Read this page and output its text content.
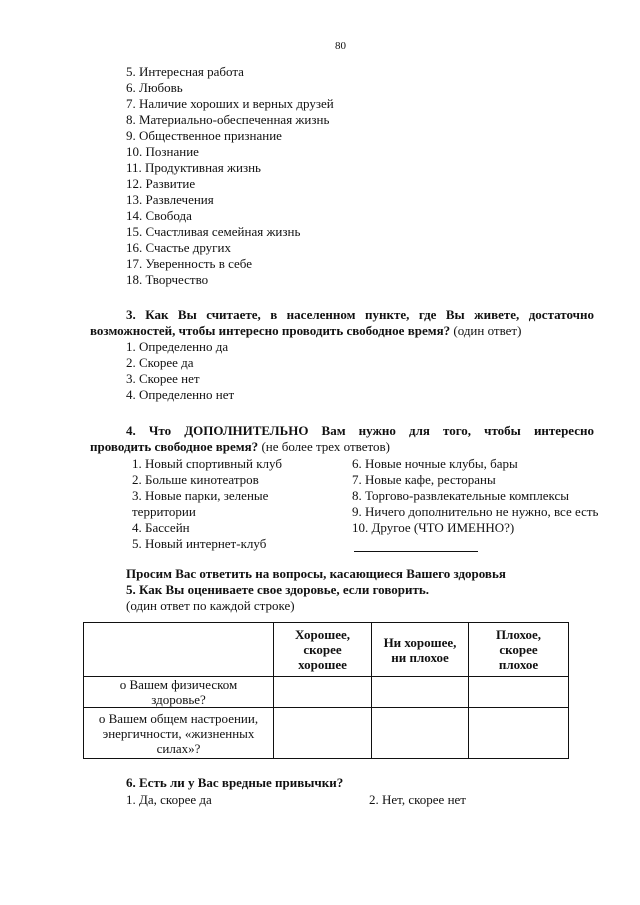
80
5. Интересная работа
6. Любовь
7. Наличие хороших и верных друзей
8. Материально-обеспеченная жизнь
9. Общественное признание
10. Познание
11. Продуктивная жизнь
12. Развитие
13. Развлечения
14. Свобода
15. Счастливая семейная жизнь
16. Счастье других
17. Уверенность в себе
18. Творчество
3. Как Вы считаете, в населенном пункте, где Вы живете, достаточно
возможностей, чтобы интересно проводить свободное время? (один ответ)
1. Определенно да
2. Скорее да
3. Скорее нет
4. Определенно нет
4. Что ДОПОЛНИТЕЛЬНО Вам нужно для того, чтобы интересно
проводить свободное время? (не более трех ответов)
1. Новый спортивный клуб
2. Больше кинотеатров
3. Новые парки, зеленые
территории
4. Бассейн
5. Новый интернет-клуб
6. Новые ночные клубы, бары
7. Новые кафе, рестораны
8. Торгово-развлекательные комплексы
9. Ничего дополнительно не нужно, все есть
10. Другое (ЧТО ИМЕННО?)
Просим Вас ответить на вопросы, касающиеся Вашего здоровья
5. Как Вы оцениваете свое здоровье, если говорить.
(один ответ по каждой строке)

	Хорошее, скорее хорошее	Ни хорошее, ни плохое	Плохое, скорее плохое

о Вашем физическом здоровье?			

о Вашем общем настроении, энергичности, «жизненных силах»?			

6. Есть ли у Вас вредные привычки?
1. Да, скорее да	2. Нет, скорее нет
